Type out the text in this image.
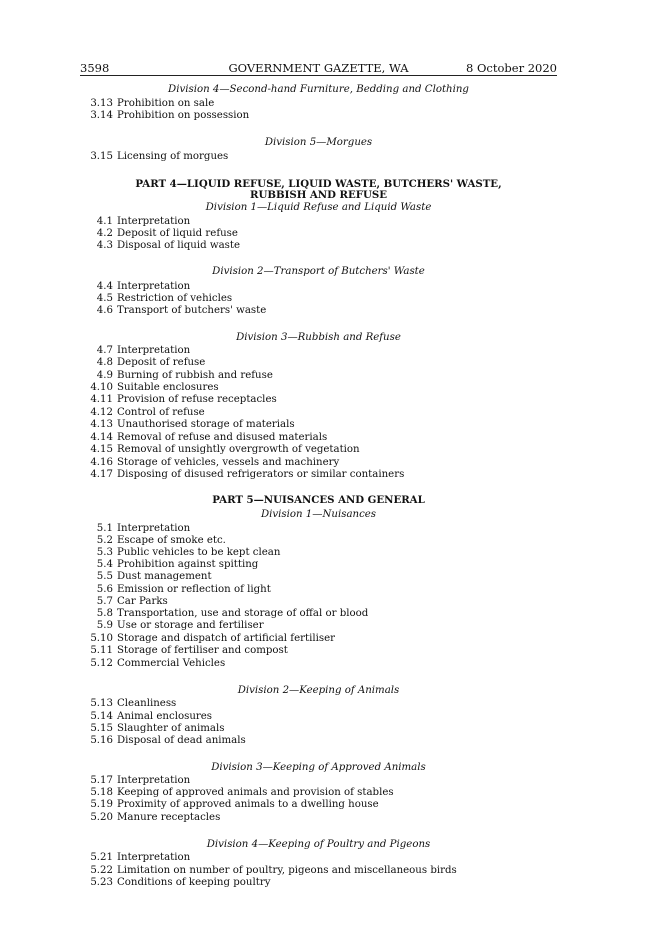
3598	GOVERNMENT GAZETTE, WA	8 October 2020
Division 4—Second-hand Furniture, Bedding and Clothing
3.13 Prohibition on sale
3.14 Prohibition on possession
Division 5—Morgues
3.15 Licensing of morgues
PART 4—LIQUID REFUSE, LIQUID WASTE, BUTCHERS' WASTE,
RUBBISH AND REFUSE
Division 1—Liquid Refuse and Liquid Waste
4.1 Interpretation
4.2 Deposit of liquid refuse
4.3 Disposal of liquid waste
Division 2—Transport of Butchers' Waste
4.4 Interpretation
4.5 Restriction of vehicles
4.6 Transport of butchers' waste
Division 3—Rubbish and Refuse
4.7 Interpretation
4.8 Deposit of refuse
4.9 Burning of rubbish and refuse
4.10 Suitable enclosures
4.11 Provision of refuse receptacles
4.12 Control of refuse
4.13 Unauthorised storage of materials
4.14 Removal of refuse and disused materials
4.15 Removal of unsightly overgrowth of vegetation
4.16 Storage of vehicles, vessels and machinery
4.17 Disposing of disused refrigerators or similar containers
PART 5—NUISANCES AND GENERAL
Division 1—Nuisances
5.1 Interpretation
5.2 Escape of smoke etc.
5.3 Public vehicles to be kept clean
5.4 Prohibition against spitting
5.5 Dust management
5.6 Emission or reflection of light
5.7 Car Parks
5.8 Transportation, use and storage of offal or blood
5.9 Use or storage and fertiliser
5.10 Storage and dispatch of artificial fertiliser
5.11 Storage of fertiliser and compost
5.12 Commercial Vehicles
Division 2—Keeping of Animals
5.13 Cleanliness
5.14 Animal enclosures
5.15 Slaughter of animals
5.16 Disposal of dead animals
Division 3—Keeping of Approved Animals
5.17 Interpretation
5.18 Keeping of approved animals and provision of stables
5.19 Proximity of approved animals to a dwelling house
5.20 Manure receptacles
Division 4—Keeping of Poultry and Pigeons
5.21 Interpretation
5.22 Limitation on number of poultry, pigeons and miscellaneous birds
5.23 Conditions of keeping poultry
